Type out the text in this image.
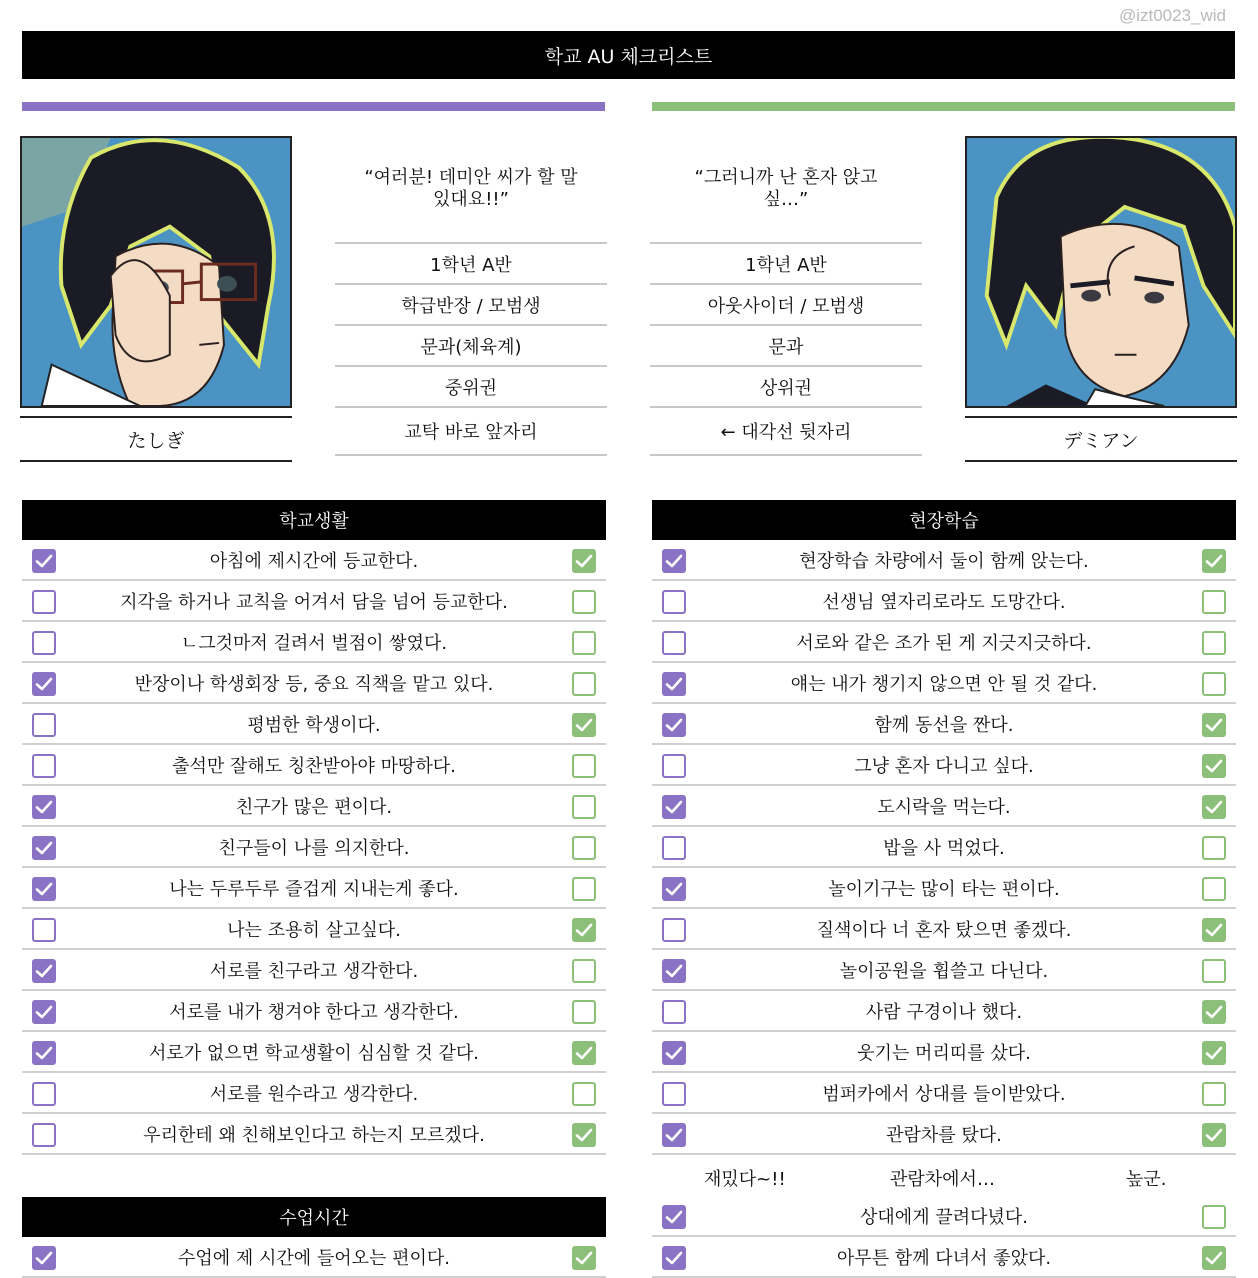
@izt0023_wid
학교 AU 체크리스트
たしぎ
“여러분! 데미안 씨가 할 말 있대요!!”
1학년 A반
학급반장 / 모범생
문과(체육계)
중위권
교탁 바로 앞자리
“그러니까 난 혼자 앉고 싶…”
1학년 A반
아웃사이더 / 모범생
문과
상위권
← 대각선 뒷자리	デミアン
학교생활
아침에 제시간에 등교한다.
지각을 하거나 교칙을 어겨서 담을 넘어 등교한다.
ㄴ그것마저 걸려서 벌점이 쌓였다.
반장이나 학생회장 등, 중요 직책을 맡고 있다.
평범한 학생이다.
출석만 잘해도 칭찬받아야 마땅하다.
친구가 많은 편이다.
친구들이 나를 의지한다.
나는 두루두루 즐겁게 지내는게 좋다.
나는 조용히 살고싶다.
서로를 친구라고 생각한다.
서로를 내가 챙겨야 한다고 생각한다.
서로가 없으면 학교생활이 심심할 것 같다.
서로를 원수라고 생각한다.
우리한테 왜 친해보인다고 하는지 모르겠다.
수업시간
수업에 제 시간에 들어오는 편이다.
현장학습
현장학습 차량에서 둘이 함께 앉는다.
선생님 옆자리로라도 도망간다.
서로와 같은 조가 된 게 지긋지긋하다.
얘는 내가 챙기지 않으면 안 될 것 같다.
함께 동선을 짠다.
그냥 혼자 다니고 싶다.
도시락을 먹는다.
밥을 사 먹었다.
놀이기구는 많이 타는 편이다.
질색이다 너 혼자 탔으면 좋겠다.
놀이공원을 휩쓸고 다닌다.
사람 구경이나 했다.
웃기는 머리띠를 샀다.
범퍼카에서 상대를 들이받았다.
관람차를 탔다.
재밌다~!!	관람차에서…	높군.
상대에게 끌려다녔다.
아무튼 함께 다녀서 좋았다.
